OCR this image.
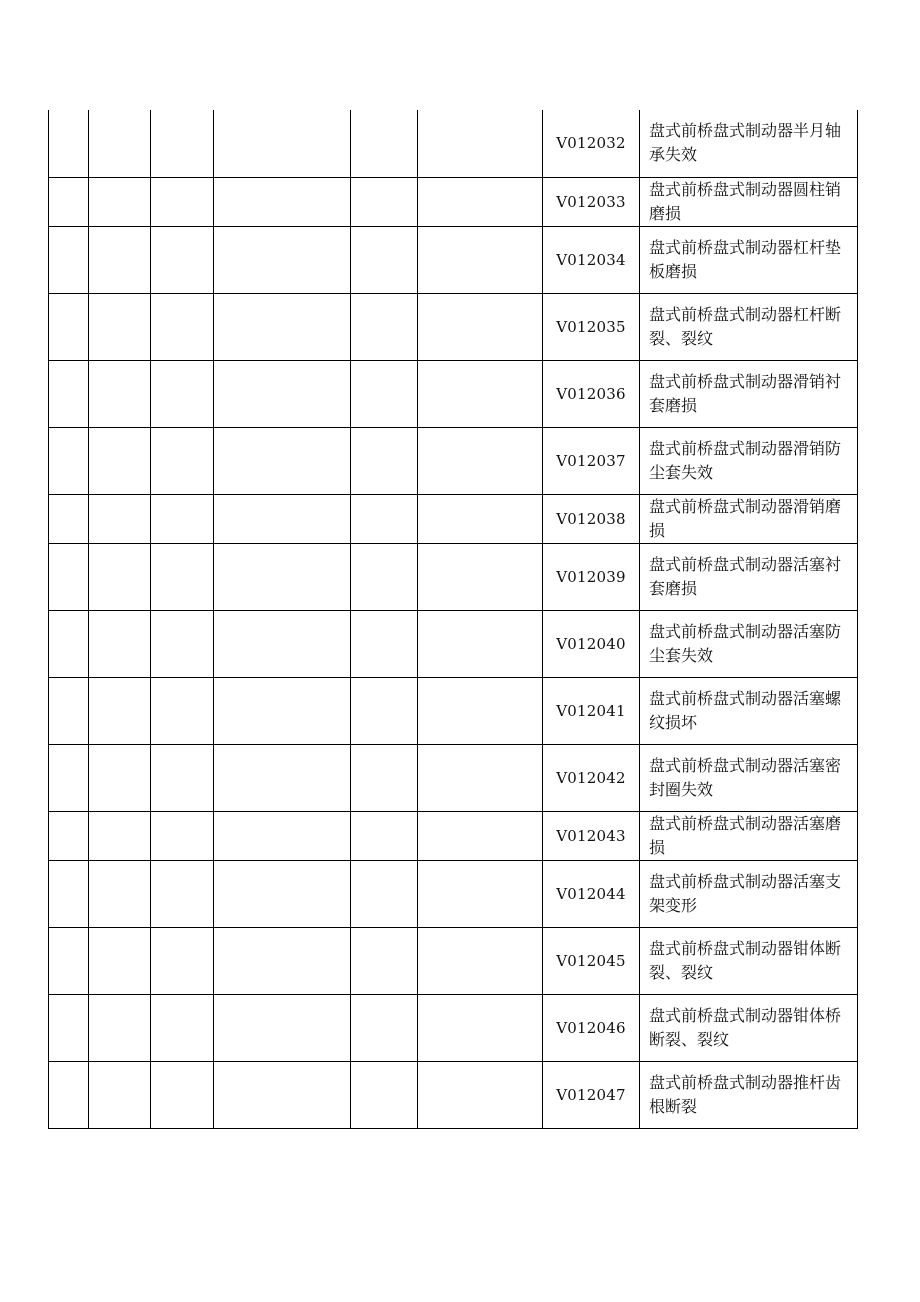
						V012032	盘式前桥盘式制动器半月轴承失效
						V012033	盘式前桥盘式制动器圆柱销磨损
						V012034	盘式前桥盘式制动器杠杆垫板磨损
						V012035	盘式前桥盘式制动器杠杆断裂、裂纹
						V012036	盘式前桥盘式制动器滑销衬套磨损
						V012037	盘式前桥盘式制动器滑销防尘套失效
						V012038	盘式前桥盘式制动器滑销磨损
						V012039	盘式前桥盘式制动器活塞衬套磨损
						V012040	盘式前桥盘式制动器活塞防尘套失效
						V012041	盘式前桥盘式制动器活塞螺纹损坏
						V012042	盘式前桥盘式制动器活塞密封圈失效
						V012043	盘式前桥盘式制动器活塞磨损
						V012044	盘式前桥盘式制动器活塞支架变形
						V012045	盘式前桥盘式制动器钳体断裂、裂纹
						V012046	盘式前桥盘式制动器钳体桥断裂、裂纹
						V012047	盘式前桥盘式制动器推杆齿根断裂
